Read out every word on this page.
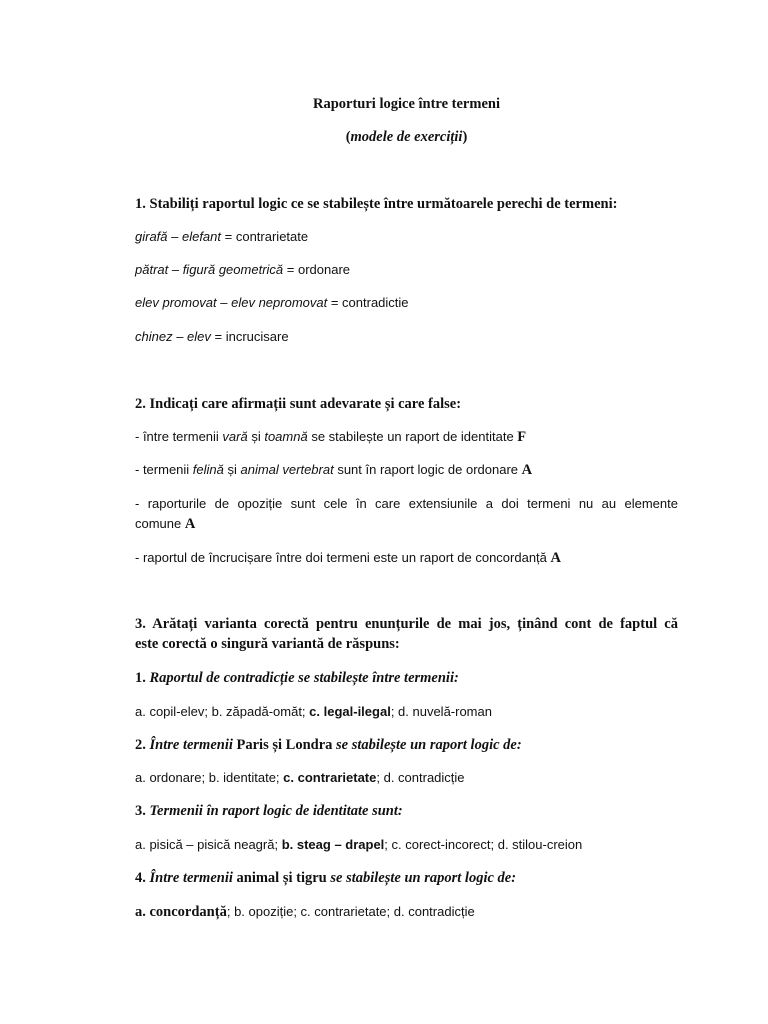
Raporturi logice între termeni
(modele de exerciții)
1. Stabiliți raportul logic ce se stabilește între următoarele perechi de termeni:
girafă – elefant = contrarietate
pătrat – figură geometrică = ordonare
elev promovat – elev nepromovat = contradictie
chinez – elev = incrucisare
2. Indicați care afirmații sunt adevarate și care false:
- între termenii vară și toamnă se stabilește un raport de identitate F
- termenii felină și animal vertebrat sunt în raport logic de ordonare A
- raporturile de opoziție sunt cele în care extensiunile a doi termeni nu au elemente
comune A
- raportul de încrucișare între doi termeni este un raport de concordanță A
3. Arătați varianta corectă pentru enunțurile de mai jos, ținând cont de faptul că
este corectă o singură variantă de răspuns:
1. Raportul de contradicție se stabilește între termenii:
a. copil-elev; b. zăpadă-omăt; c. legal-ilegal; d. nuvelă-roman
2. Între termenii Paris și Londra se stabilește un raport logic de:
a. ordonare; b. identitate; c. contrarietate; d. contradicție
3. Termenii în raport logic de identitate sunt:
a. pisică – pisică neagră; b. steag – drapel; c. corect-incorect; d. stilou-creion
4. Între termenii animal și tigru se stabilește un raport logic de:
a. concordanță; b. opoziție; c. contrarietate; d. contradicție
